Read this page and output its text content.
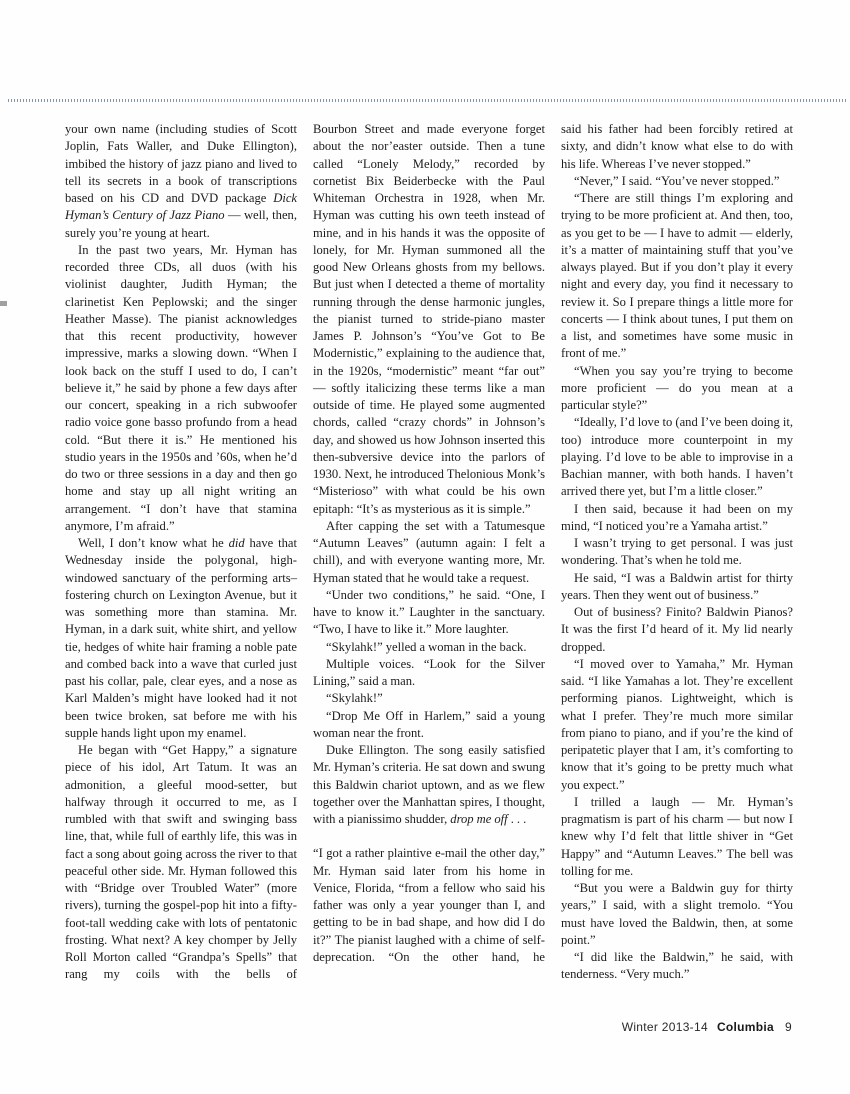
your own name (including studies of Scott Joplin, Fats Waller, and Duke Ellington), imbibed the history of jazz piano and lived to tell its secrets in a book of transcriptions based on his CD and DVD package Dick Hyman’s Century of Jazz Piano — well, then, surely you’re young at heart.

In the past two years, Mr. Hyman has recorded three CDs, all duos (with his violinist daughter, Judith Hyman; the clarinetist Ken Peplowski; and the singer Heather Masse). The pianist acknowledges that this recent productivity, however impressive, marks a slowing down. “When I look back on the stuff I used to do, I can’t believe it,” he said by phone a few days after our concert, speaking in a rich subwoofer radio voice gone basso profundo from a head cold. “But there it is.” He mentioned his studio years in the 1950s and ’60s, when he’d do two or three sessions in a day and then go home and stay up all night writing an arrangement. “I don’t have that stamina anymore, I’m afraid.”

Well, I don’t know what he did have that Wednesday inside the polygonal, high-windowed sanctuary of the performing arts–fostering church on Lexington Avenue, but it was something more than stamina. Mr. Hyman, in a dark suit, white shirt, and yellow tie, hedges of white hair framing a noble pate and combed back into a wave that curled just past his collar, pale, clear eyes, and a nose as Karl Malden’s might have looked had it not been twice broken, sat before me with his supple hands light upon my enamel.

He began with “Get Happy,” a signature piece of his idol, Art Tatum. It was an admonition, a gleeful mood-setter, but halfway through it occurred to me, as I rumbled with that swift and swinging bass line, that, while full of earthly life, this was in fact a song about going across the river to that peaceful other side. Mr. Hyman followed this with “Bridge over Troubled Water” (more rivers), turning the gospel-pop hit into a fifty-foot-tall wedding cake with lots of pentatonic frosting. What next? A key chomper by Jelly Roll Morton called “Grandpa’s Spells” that rang my coils with the bells of

Bourbon Street and made everyone forget about the nor’easter outside. Then a tune called “Lonely Melody,” recorded by cornetist Bix Beiderbecke with the Paul Whiteman Orchestra in 1928, when Mr. Hyman was cutting his own teeth instead of mine, and in his hands it was the opposite of lonely, for Mr. Hyman summoned all the good New Orleans ghosts from my bellows. But just when I detected a theme of mortality running through the dense harmonic jungles, the pianist turned to stride-piano master James P. Johnson’s “You’ve Got to Be Modernistic,” explaining to the audience that, in the 1920s, “modernistic” meant “far out” — softly italicizing these terms like a man outside of time. He played some augmented chords, called “crazy chords” in Johnson’s day, and showed us how Johnson inserted this then-subversive device into the parlors of 1930. Next, he introduced Thelonious Monk’s “Misterioso” with what could be his own epitaph: “It’s as mysterious as it is simple.”

After capping the set with a Tatumesque “Autumn Leaves” (autumn again: I felt a chill), and with everyone wanting more, Mr. Hyman stated that he would take a request.

“Under two conditions,” he said. “One, I have to know it.” Laughter in the sanctuary. “Two, I have to like it.” More laughter.

“Skylahk!” yelled a woman in the back.

Multiple voices. “Look for the Silver Lining,” said a man.

“Skylahk!”

“Drop Me Off in Harlem,” said a young woman near the front.

Duke Ellington. The song easily satisfied Mr. Hyman’s criteria. He sat down and swung this Baldwin chariot uptown, and as we flew together over the Manhattan spires, I thought, with a pianissimo shudder, drop me off . . .

“I got a rather plaintive e-mail the other day,” Mr. Hyman said later from his home in Venice, Florida, “from a fellow who said his father was only a year younger than I, and getting to be in bad shape, and how did I do it?” The pianist laughed with a chime of self-deprecation. “On the other hand, he

said his father had been forcibly retired at sixty, and didn’t know what else to do with his life. Whereas I’ve never stopped.”

“Never,” I said. “You’ve never stopped.”

“There are still things I’m exploring and trying to be more proficient at. And then, too, as you get to be — I have to admit — elderly, it’s a matter of maintaining stuff that you’ve always played. But if you don’t play it every night and every day, you find it necessary to review it. So I prepare things a little more for concerts — I think about tunes, I put them on a list, and sometimes have some music in front of me.”

“When you say you’re trying to become more proficient — do you mean at a particular style?”

“Ideally, I’d love to (and I’ve been doing it, too) introduce more counterpoint in my playing. I’d love to be able to improvise in a Bachian manner, with both hands. I haven’t arrived there yet, but I’m a little closer.”

I then said, because it had been on my mind, “I noticed you’re a Yamaha artist.”

I wasn’t trying to get personal. I was just wondering. That’s when he told me.

He said, “I was a Baldwin artist for thirty years. Then they went out of business.”

Out of business? Finito? Baldwin Pianos? It was the first I’d heard of it. My lid nearly dropped.

“I moved over to Yamaha,” Mr. Hyman said. “I like Yamahas a lot. They’re excellent performing pianos. Lightweight, which is what I prefer. They’re much more similar from piano to piano, and if you’re the kind of peripatetic player that I am, it’s comforting to know that it’s going to be pretty much what you expect.”

I trilled a laugh — Mr. Hyman’s pragmatism is part of his charm — but now I knew why I’d felt that little shiver in “Get Happy” and “Autumn Leaves.” The bell was tolling for me.

“But you were a Baldwin guy for thirty years,” I said, with a slight tremolo. “You must have loved the Baldwin, then, at some point.”

“I did like the Baldwin,” he said, with tenderness. “Very much.”

Winter 2013-14 Columbia 9
